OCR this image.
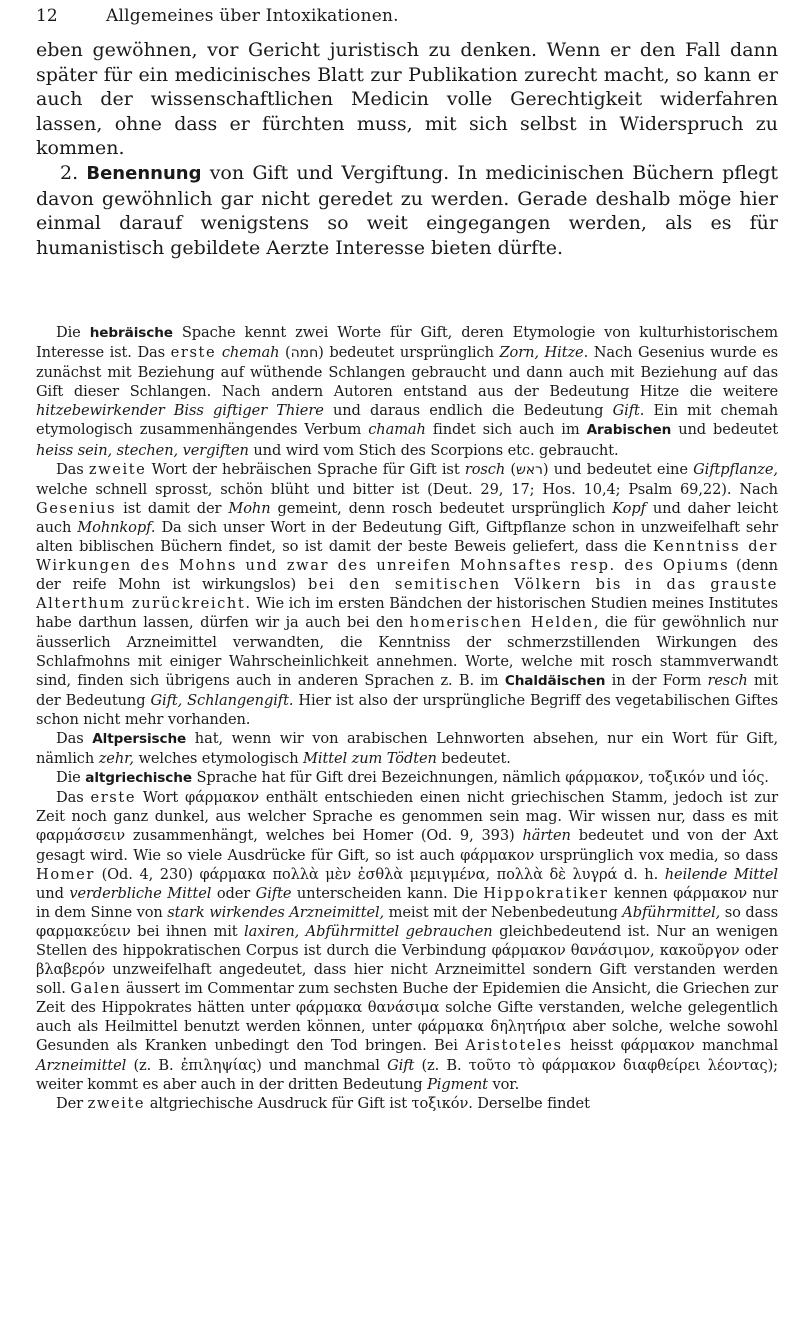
12	Allgemeines über Intoxikationen.

eben gewöhnen, vor Gericht juristisch zu denken. Wenn er den Fall dann später für ein medicinisches Blatt zur Publikation zurecht macht, so kann er auch der wissenschaftlichen Medicin volle Gerechtigkeit widerfahren lassen, ohne dass er fürchten muss, mit sich selbst in Widerspruch zu kommen.

2. Benennung von Gift und Vergiftung. In medicinischen Büchern pflegt davon gewöhnlich gar nicht geredet zu werden. Gerade deshalb möge hier einmal darauf wenigstens so weit eingegangen werden, als es für humanistisch gebildete Aerzte Interesse bieten dürfte.

Die hebräische Spache kennt zwei Worte für Gift, deren Etymologie von kulturhistorischem Interesse ist. Das erste chemah (חמה) bedeutet ursprünglich Zorn, Hitze. Nach Gesenius wurde es zunächst mit Beziehung auf wüthende Schlangen gebraucht und dann auch mit Beziehung auf das Gift dieser Schlangen. Nach andern Autoren entstand aus der Bedeutung Hitze die weitere hitzebewirkender Biss giftiger Thiere und daraus endlich die Bedeutung Gift. Ein mit chemah etymologisch zusammenhängendes Verbum chamah findet sich auch im Arabischen und bedeutet heiss sein, stechen, vergiften und wird vom Stich des Scorpions etc. gebraucht.

Das zweite Wort der hebräischen Sprache für Gift ist rosch (ראש) und bedeutet eine Giftpflanze, welche schnell sprosst, schön blüht und bitter ist (Deut. 29, 17; Hos. 10,4; Psalm 69,22). Nach Gesenius ist damit der Mohn gemeint, denn rosch bedeutet ursprünglich Kopf und daher leicht auch Mohnkopf. Da sich unser Wort in der Bedeutung Gift, Giftpflanze schon in unzweifelhaft sehr alten biblischen Büchern findet, so ist damit der beste Beweis geliefert, dass die Kenntniss der Wirkungen des Mohns und zwar des unreifen Mohnsaftes resp. des Opiums (denn der reife Mohn ist wirkungslos) bei den semitischen Völkern bis in das grauste Alterthum zurückreicht. Wie ich im ersten Bändchen der historischen Studien meines Institutes habe darthun lassen, dürfen wir ja auch bei den homerischen Helden, die für gewöhnlich nur äusserlich Arzneimittel verwandten, die Kenntniss der schmerzstillenden Wirkungen des Schlafmohns mit einiger Wahrscheinlichkeit annehmen. Worte, welche mit rosch stammverwandt sind, finden sich übrigens auch in anderen Sprachen z. B. im Chaldäischen in der Form resch mit der Bedeutung Gift, Schlangengift. Hier ist also der ursprüngliche Begriff des vegetabilischen Giftes schon nicht mehr vorhanden.

Das Altpersische hat, wenn wir von arabischen Lehnworten absehen, nur ein Wort für Gift, nämlich zehr, welches etymologisch Mittel zum Tödten bedeutet.

Die altgriechische Sprache hat für Gift drei Bezeichnungen, nämlich φάρμακον, τοξικόν und ἰός.

Das erste Wort φάρμακον enthält entschieden einen nicht griechischen Stamm, jedoch ist zur Zeit noch ganz dunkel, aus welcher Sprache es genommen sein mag. Wir wissen nur, dass es mit φαρμάσσειν zusammenhängt, welches bei Homer (Od. 9, 393) härten bedeutet und von der Axt gesagt wird. Wie so viele Ausdrücke für Gift, so ist auch φάρμακον ursprünglich vox media, so dass Homer (Od. 4, 230) φάρμακα πολλὰ μὲν ἐσθλὰ μεμιγμένα, πολλὰ δὲ λυγρά d. h. heilende Mittel und verderbliche Mittel oder Gifte unterscheiden kann. Die Hippokratiker kennen φάρμακον nur in dem Sinne von stark wirkendes Arzneimittel, meist mit der Nebenbedeutung Abführmittel, so dass φαρμακεύειν bei ihnen mit laxiren, Abführmittel gebrauchen gleichbedeutend ist. Nur an wenigen Stellen des hippokratischen Corpus ist durch die Verbindung φάρμακον θανάσιμον, κακοῦργον oder βλαβερόν unzweifelhaft angedeutet, dass hier nicht Arzneimittel sondern Gift verstanden werden soll. Galen äussert im Commentar zum sechsten Buche der Epidemien die Ansicht, die Griechen zur Zeit des Hippokrates hätten unter φάρμακα θανάσιμα solche Gifte verstanden, welche gelegentlich auch als Heilmittel benutzt werden können, unter φάρμακα δηλητήρια aber solche, welche sowohl Gesunden als Kranken unbedingt den Tod bringen. Bei Aristoteles heisst φάρμακον manchmal Arzneimittel (z. B. ἐπιληψίας) und manchmal Gift (z. B. τοῦτο τὸ φάρμακον διαφθείρει λέοντας); weiter kommt es aber auch in der dritten Bedeutung Pigment vor.

Der zweite altgriechische Ausdruck für Gift ist τοξικόν. Derselbe findet
